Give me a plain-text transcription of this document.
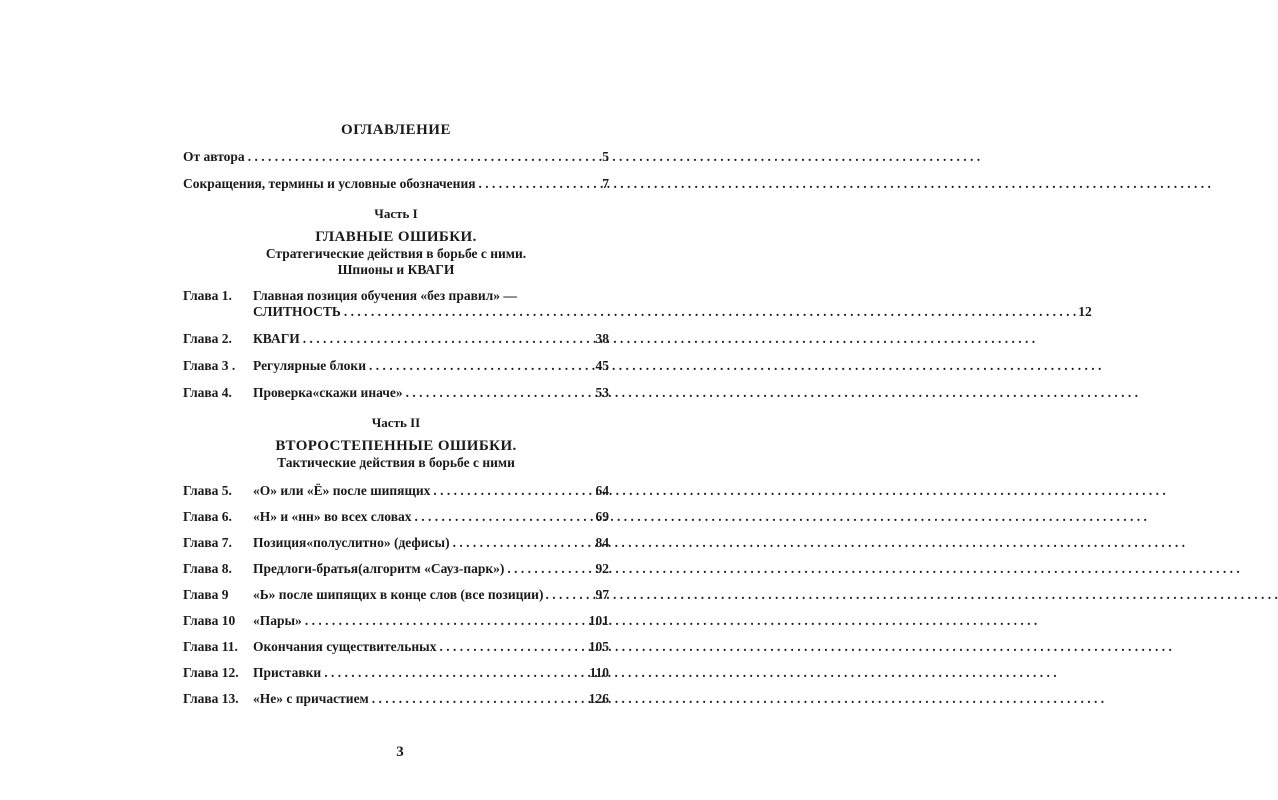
ОГЛАВЛЕНИЕ
От автора . . .	5
Сокращения, термины и условные обозначения . . .	7
Часть I
ГЛАВНЫЕ ОШИБКИ.
Стратегические действия в борьбе с ними.
Шпионы и КВАГИ
Глава 1.	Главная позиция обучения «без правил» —
СЛИТНОСТЬ . . .	12
Глава 2.	КВАГИ . . .	38
Глава 3 .	Регулярные блоки . . .	45
Глава 4.	Проверка«скажи иначе» . . .	53
Часть II
ВТОРОСТЕПЕННЫЕ ОШИБКИ.
Тактические действия в борьбе с ними
Глава 5.	«О» или «Ё» после шипящих . . .	64
Глава 6.	«Н» и «нн» во всех словах . . .	69
Глава 7.	Позиция«полуслитно» (дефисы) . . .	84
Глава 8.	Предлоги-братья(алгоритм «Сауз-парк») . . .	92
Глава 9	«Ь» после шипящих в конце слов (все позиции) . . .	97
Глава 10	«Пары» . . .	101
Глава 11.	Окончания существительных . . .	105
Глава 12.	Приставки . . .	110
Глава 13.	«Не» с причастием . . .	126
3
